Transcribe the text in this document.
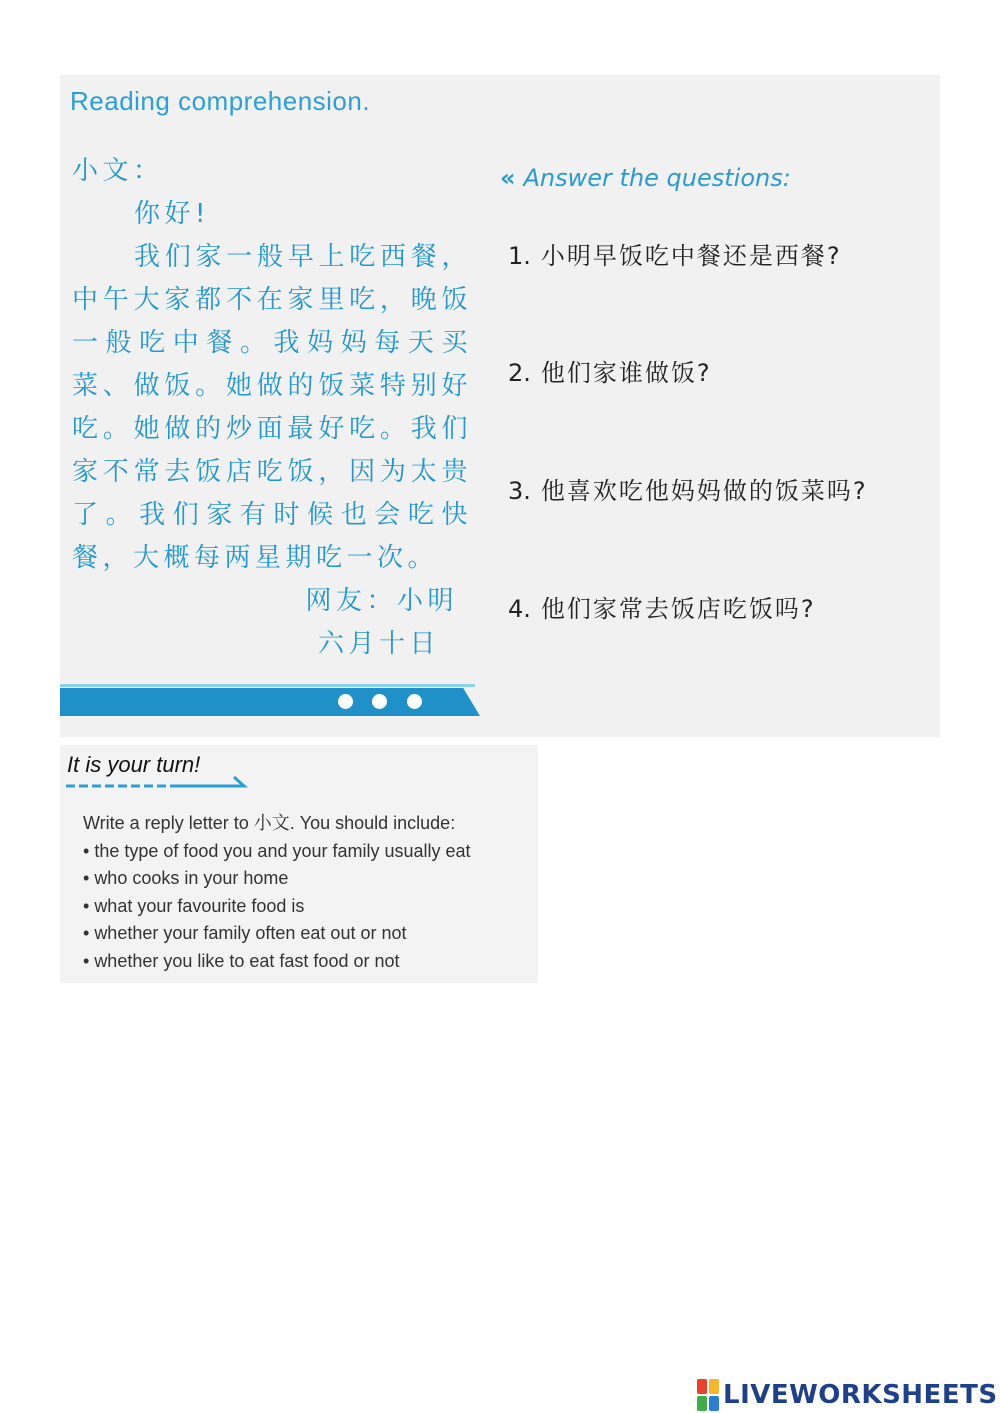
Reading comprehension.
小文：
你好!
我们家一般早上吃西餐，中午大家都不在家里吃，晚饭一般吃中餐。我妈妈每天买菜、做饭。她做的饭菜特别好吃。她做的炒面最好吃。我们家不常去饭店吃饭，因为太贵了。我们家有时候也会吃快餐，大概每两星期吃一次。
网友：小明
六月十日
« Answer the questions:
1. 小明早饭吃中餐还是西餐?
2. 他们家谁做饭?
3. 他喜欢吃他妈妈做的饭菜吗?
4. 他们家常去饭店吃饭吗?
It is your turn!
Write a reply letter to 小文. You should include:
• the type of food you and your family usually eat
• who cooks in your home
• what your favourite food is
• whether your family often eat out or not
• whether you like to eat fast food or not
LIVEWORKSHEETS
